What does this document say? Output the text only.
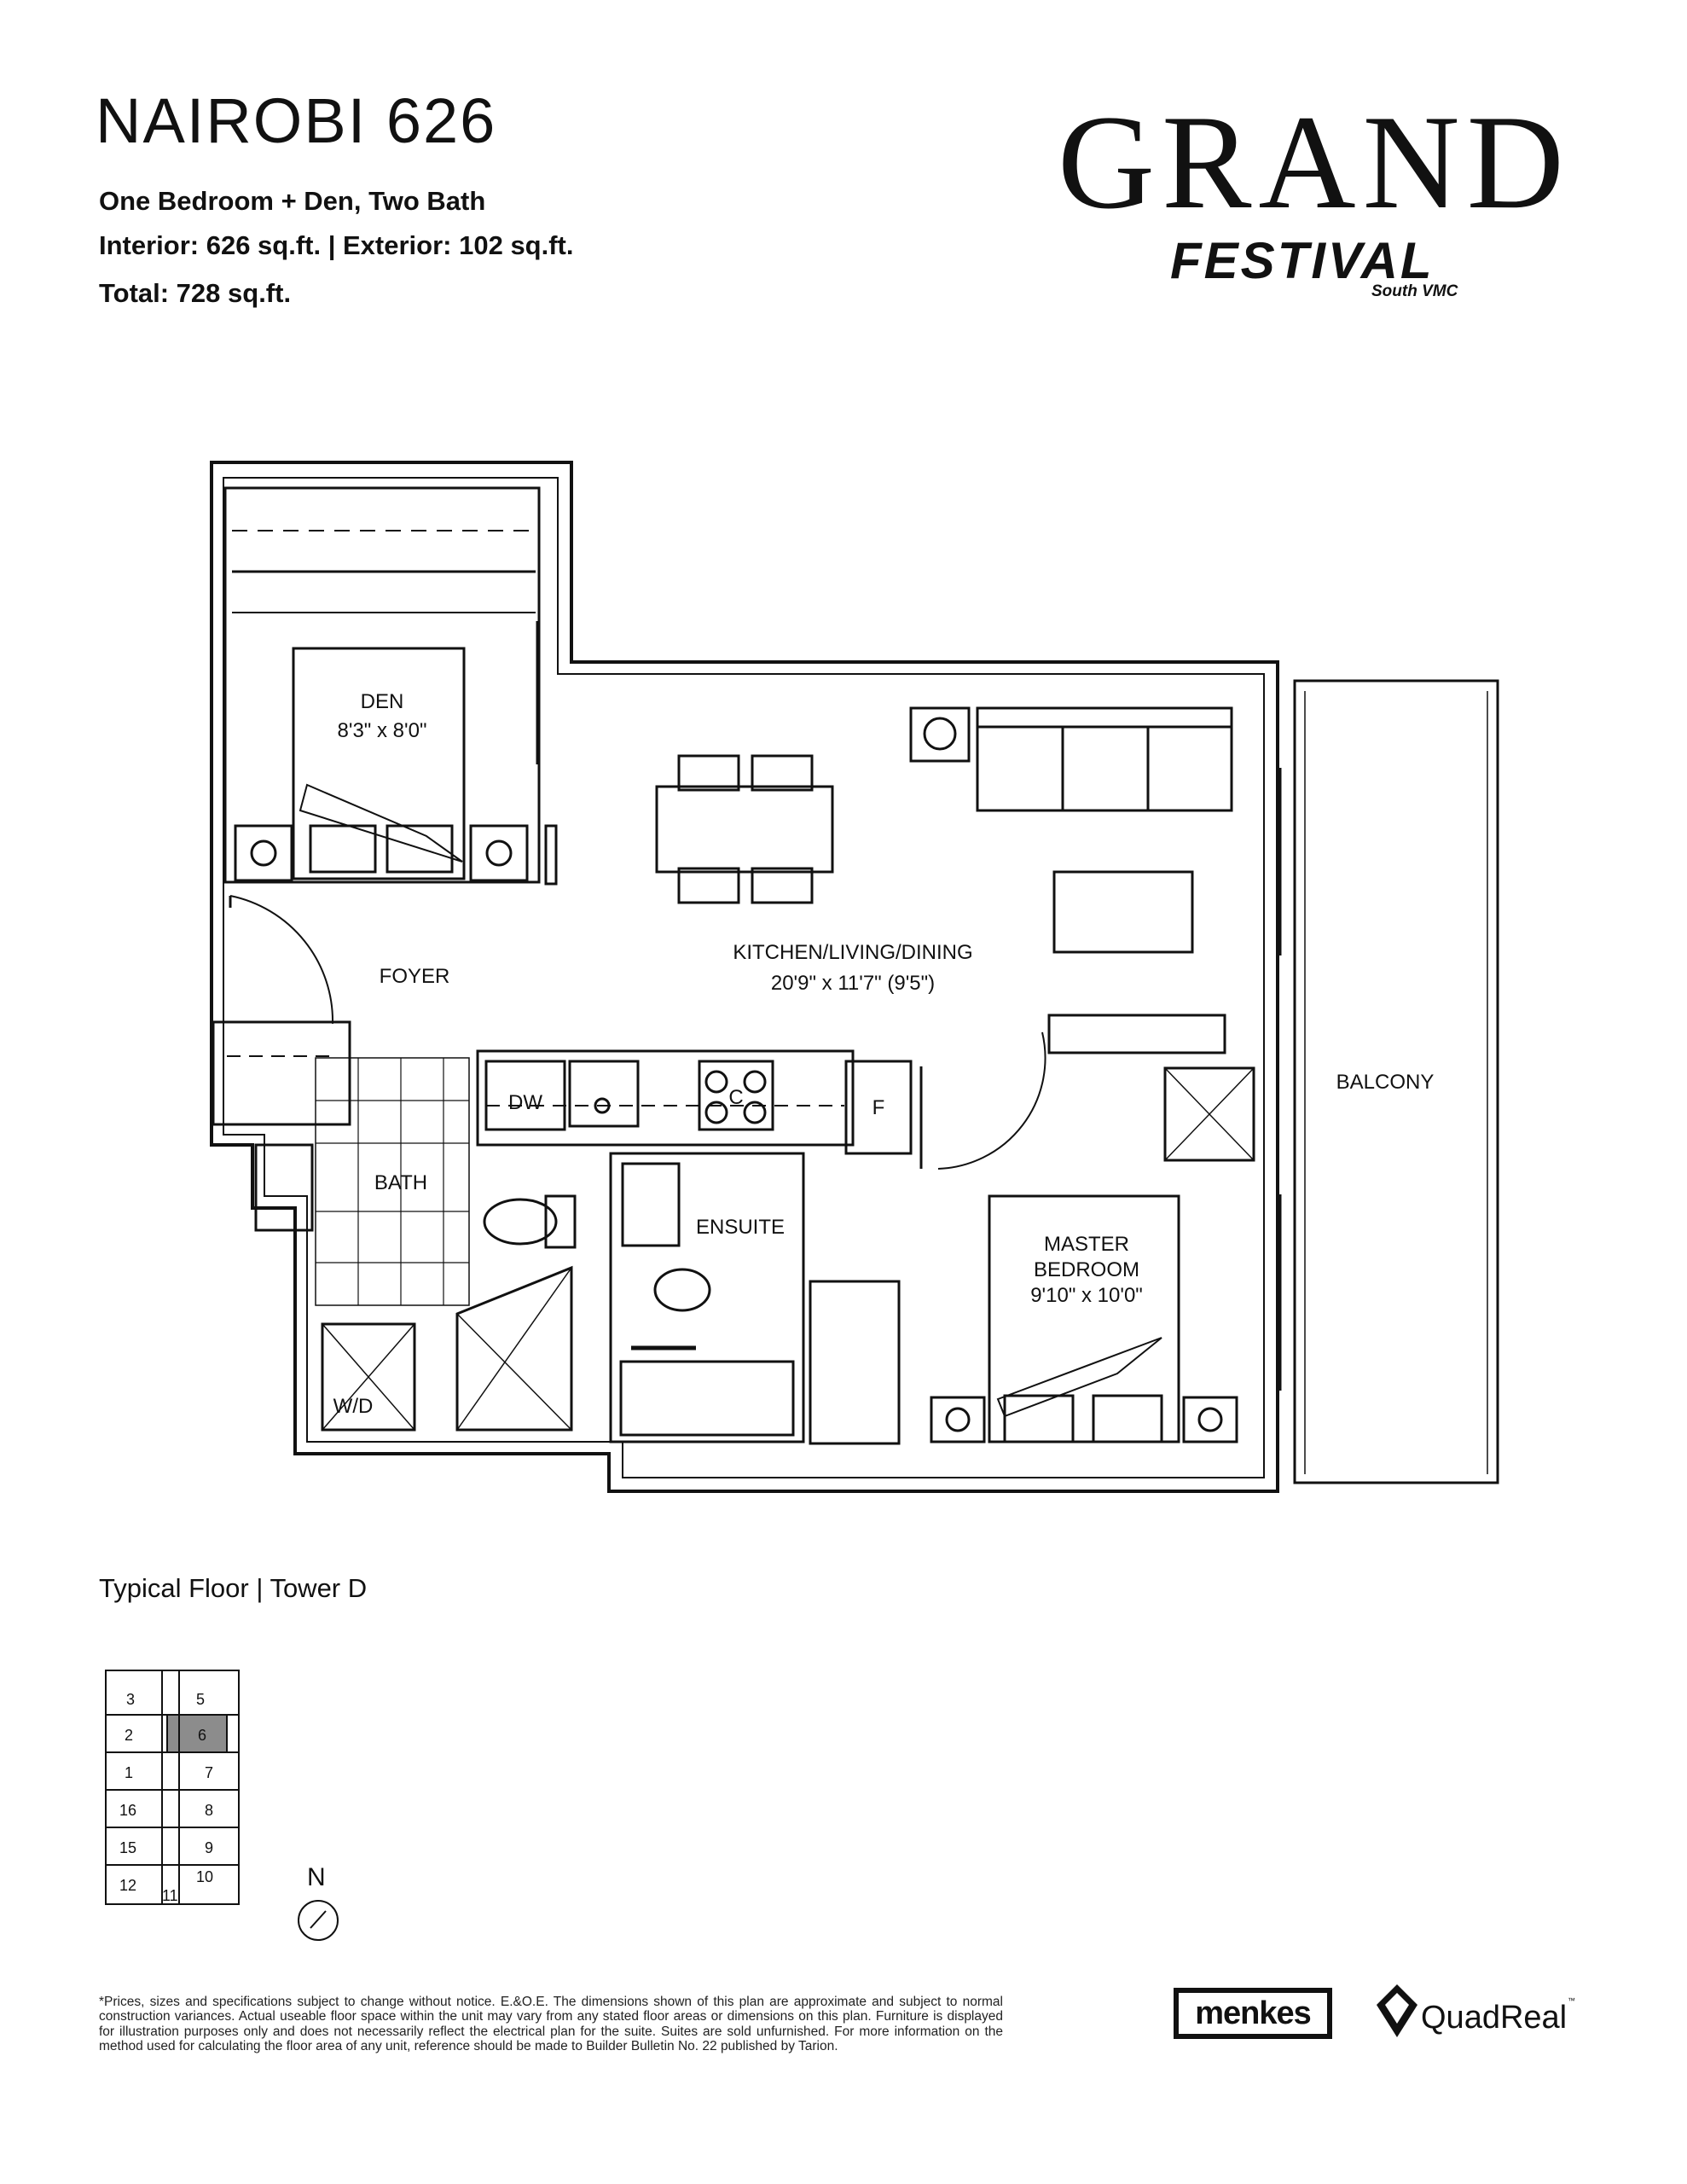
NAIROBI 626

One Bedroom + Den, Two Bath

Interior: 626 sq.ft. | Exterior: 102 sq.ft.

Total: 728 sq.ft.

GRAND
FESTIVAL
South VMC
DEN
8'3" x 8'0"
FOYER
KITCHEN/LIVING/DINING
20'9" x 11'7" (9'5")
BALCONY
BATH
ENSUITE
MASTER
BEDROOM
9'10" x 10'0"
DW	F
C
W/D
Typical Floor | Tower D
3	5
2	6
1	7
16	8
15	9
12	10
11
N
*Prices, sizes and specifications subject to change without notice. E.&O.E. The dimensions shown of this plan are approximate and subject to normal construction variances. Actual useable floor space within the unit may vary from any stated floor areas or dimensions on this plan. Furniture is displayed for illustration purposes only and does not necessarily reflect the electrical plan for the suite. Suites are sold unfurnished. For more information on the method used for calculating the floor area of any unit, reference should be made to Builder Bulletin No. 22 published by Tarion.
menkes	QuadReal ™
